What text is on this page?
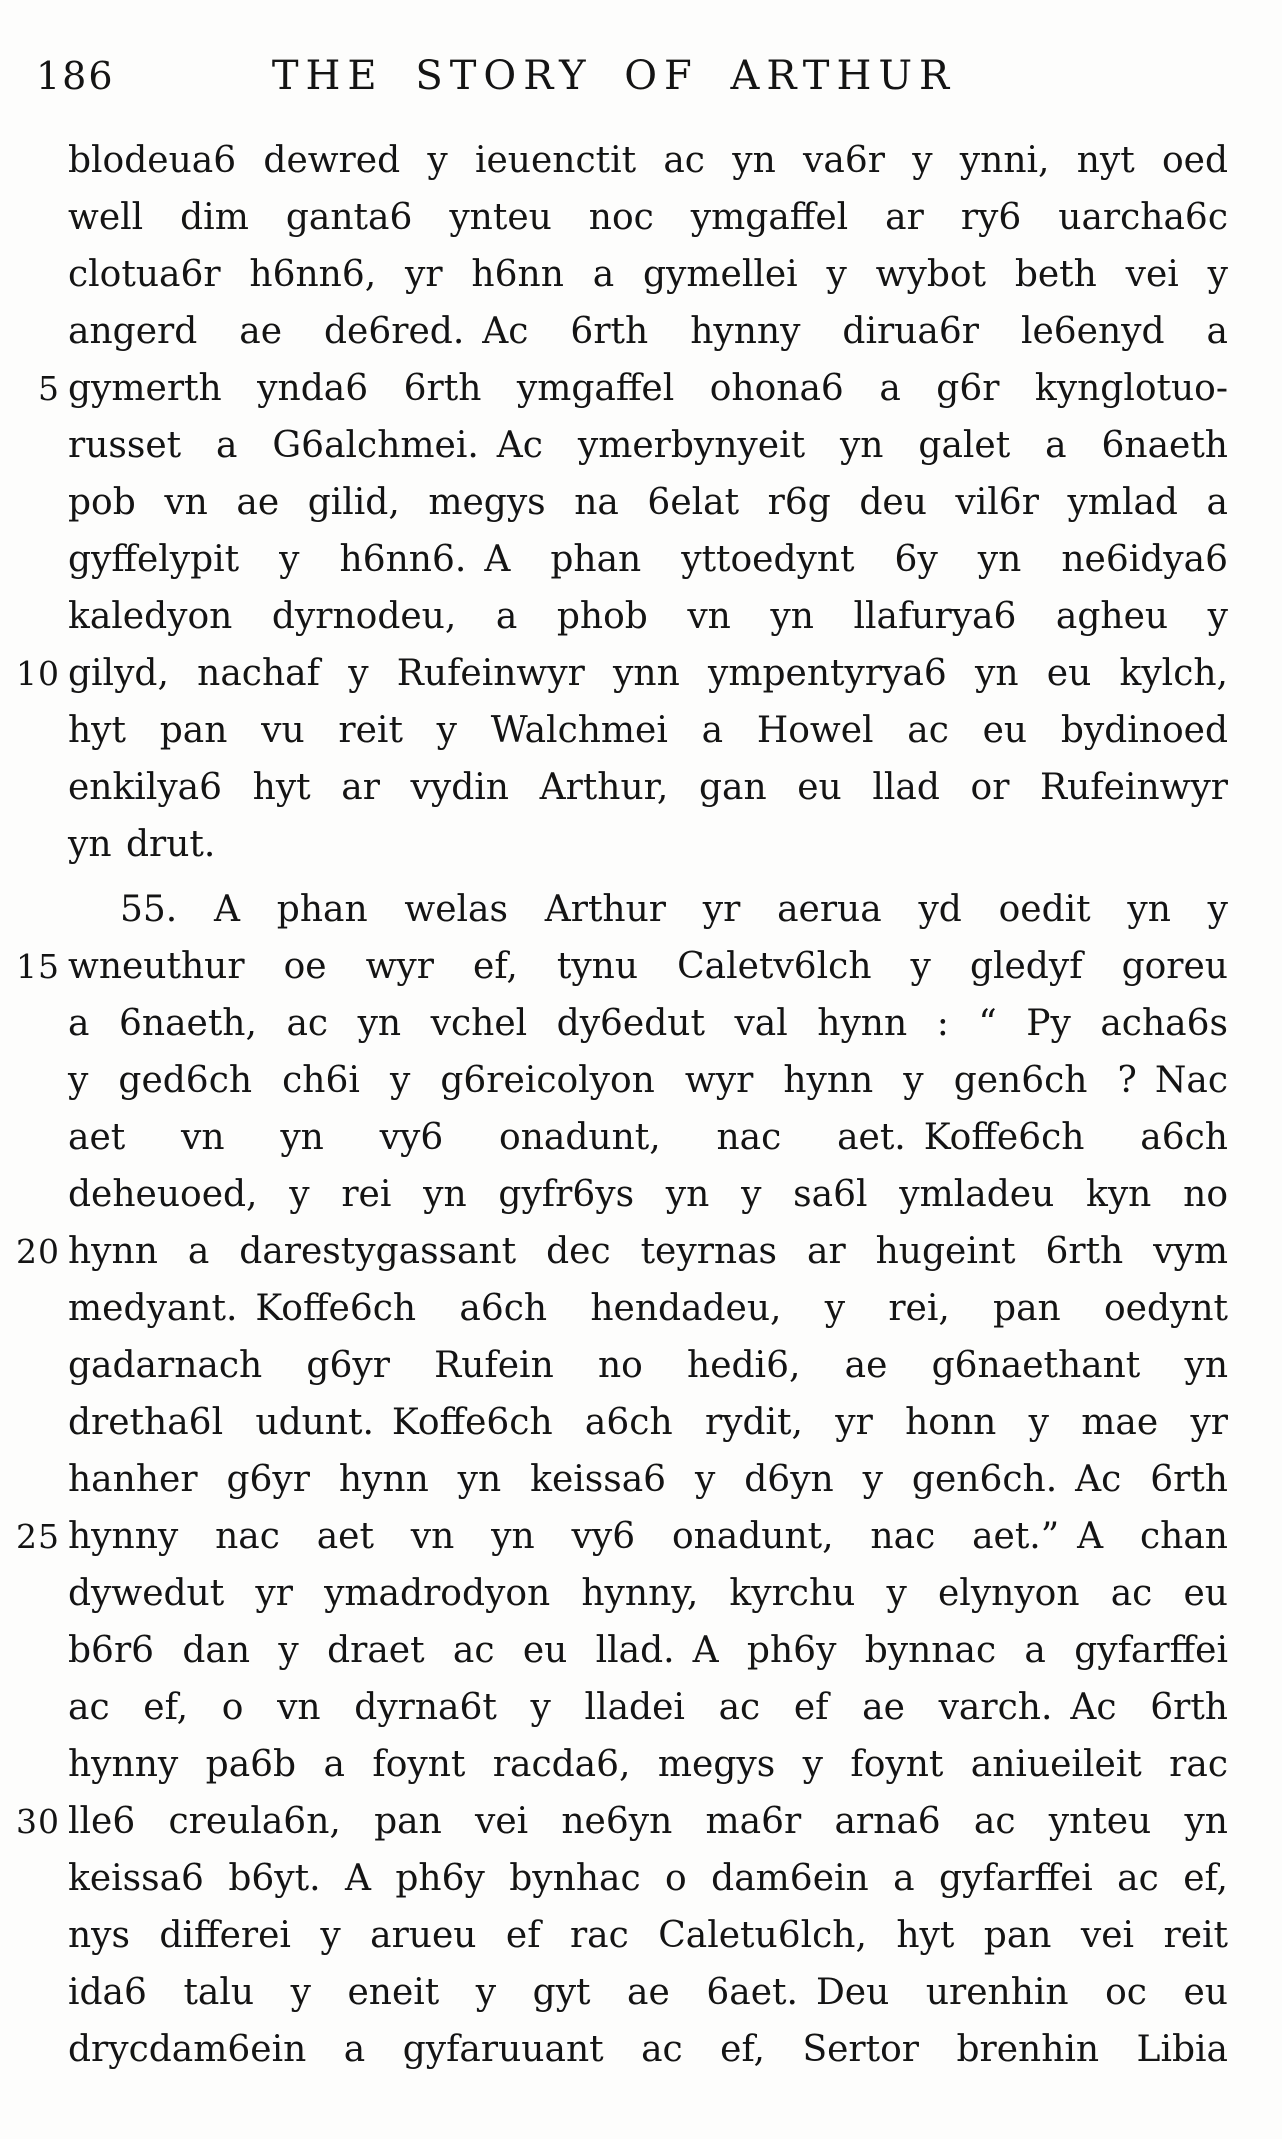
186	THE STORY OF ARTHUR
blodeua6 dewred y ieuenctit ac yn va6r y ynni, nyt oed
well dim ganta6 ynteu noc ymgaffel ar ry6 uarcha6c
clotua6r h6nn6, yr h6nn a gymellei y wybot beth vei y
angerd ae de6red. Ac 6rth hynny dirua6r le6enyd a
5 gymerth ynda6 6rth ymgaffel ohona6 a g6r kynglotuo-
russet a G6alchmei. Ac ymerbynyeit yn galet a 6naeth
pob vn ae gilid, megys na 6elat r6g deu vil6r ymlad a
gyffelypit y h6nn6. A phan yttoedynt 6y yn ne6idya6
kaledyon dyrnodeu, a phob vn yn llafurya6 agheu y
10 gilyd, nachaf y Rufeinwyr ynn ympentyrya6 yn eu kylch,
hyt pan vu reit y Walchmei a Howel ac eu bydinoed
enkilya6 hyt ar vydin Arthur, gan eu llad or Rufeinwyr
yn drut.
55. A phan welas Arthur yr aerua yd oedit yn y
15 wneuthur oe wyr ef, tynu Caletv6lch y gledyf goreu
a 6naeth, ac yn vchel dy6edut val hynn : “ Py acha6s
y ged6ch ch6i y g6reicolyon wyr hynn y gen6ch ? Nac
aet vn yn vy6 onadunt, nac aet. Koffe6ch a6ch
deheuoed, y rei yn gyfr6ys yn y sa6l ymladeu kyn no
20 hynn a darestygassant dec teyrnas ar hugeint 6rth vym
medyant. Koffe6ch a6ch hendadeu, y rei, pan oedynt
gadarnach g6yr Rufein no hedi6, ae g6naethant yn
dretha6l udunt. Koffe6ch a6ch rydit, yr honn y mae yr
hanher g6yr hynn yn keissa6 y d6yn y gen6ch. Ac 6rth
25 hynny nac aet vn yn vy6 onadunt, nac aet.” A chan
dywedut yr ymadrodyon hynny, kyrchu y elynyon ac eu
b6r6 dan y draet ac eu llad. A ph6y bynnac a gyfarffei
ac ef, o vn dyrna6t y lladei ac ef ae varch. Ac 6rth
hynny pa6b a foynt racda6, megys y foynt aniueileit rac
30 lle6 creula6n, pan vei ne6yn ma6r arna6 ac ynteu yn
keissa6 b6yt. A ph6y bynhac o dam6ein a gyfarffei ac ef,
nys differei y arueu ef rac Caletu6lch, hyt pan vei reit
ida6 talu y eneit y gyt ae 6aet. Deu urenhin oc eu
drycdam6ein a gyfaruuant ac ef, Sertor brenhin Libia
